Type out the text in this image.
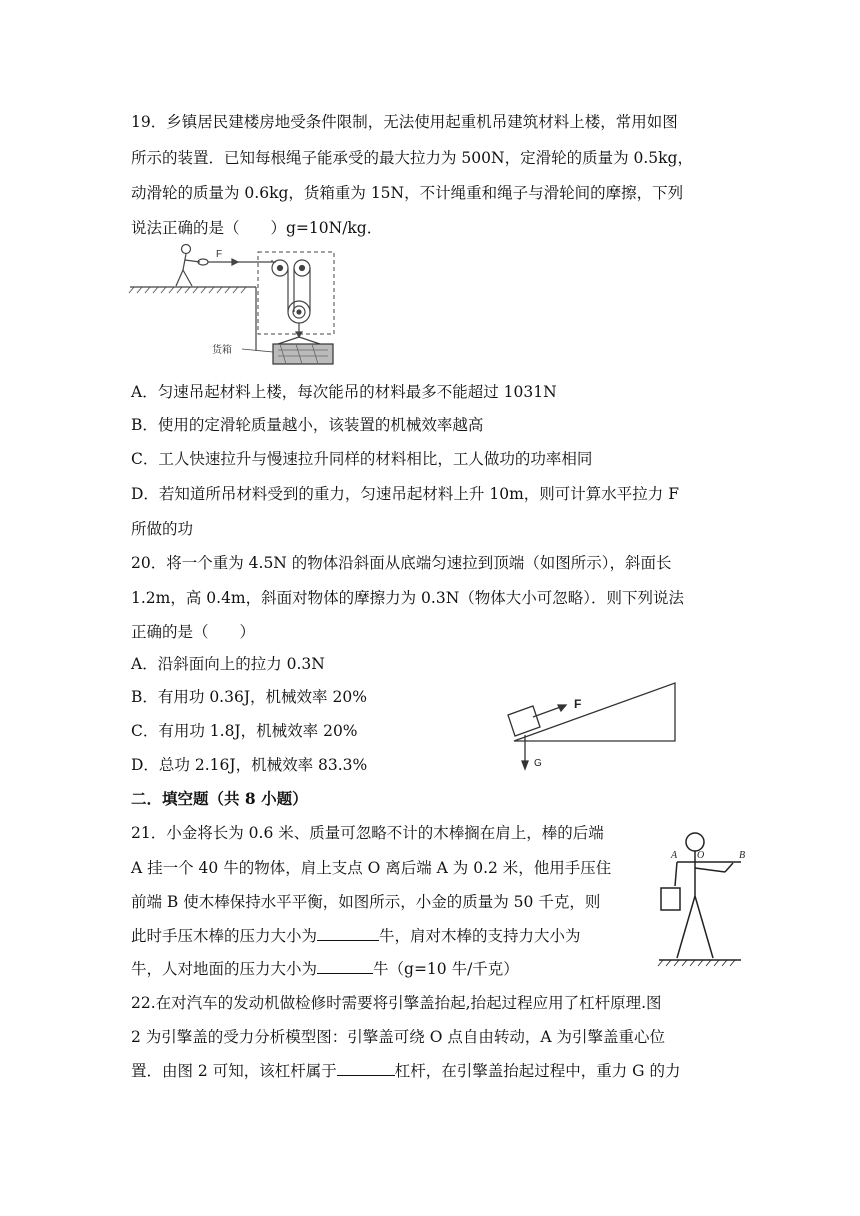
19．乡镇居民建楼房地受条件限制，无法使用起重机吊建筑材料上楼，常用如图
所示的装置．已知每根绳子能承受的最大拉力为 500N，定滑轮的质量为 0.5kg，
动滑轮的质量为 0.6kg，货箱重为 15N，不计绳重和绳子与滑轮间的摩擦，下列
说法正确的是（　　）g=10N/kg．
F
货箱
A．匀速吊起材料上楼，每次能吊的材料最多不能超过 1031N
B．使用的定滑轮质量越小，该装置的机械效率越高
C．工人快速拉升与慢速拉升同样的材料相比，工人做功的功率相同
D．若知道所吊材料受到的重力，匀速吊起材料上升 10m，则可计算水平拉力 F
所做的功
20．将一个重为 4.5N 的物体沿斜面从底端匀速拉到顶端（如图所示），斜面长
1.2m，高 0.4m，斜面对物体的摩擦力为 0.3N（物体大小可忽略）．则下列说法
正确的是（　　）
A．沿斜面向上的拉力 0.3N
B．有用功 0.36J，机械效率 20%
C．有用功 1.8J，机械效率 20%
D．总功 2.16J，机械效率 83.3%
F
G
二．填空题（共 8 小题）
21．小金将长为 0.6 米、质量可忽略不计的木棒搁在肩上，棒的后端
A 挂一个 40 牛的物体，肩上支点 O 离后端 A 为 0.2 米，他用手压住
前端 B 使木棒保持水平平衡，如图所示，小金的质量为 50 千克，则
此时手压木棒的压力大小为	牛，肩对木棒的支持力大小为
牛，人对地面的压力大小为	牛（g=10 牛/千克）
A O	B
22.在对汽车的发动机做检修时需要将引擎盖抬起,抬起过程应用了杠杆原理.图
2 为引擎盖的受力分析模型图：引擎盖可绕 O 点自由转动，A 为引擎盖重心位
置．由图 2 可知，该杠杆属于	杠杆，在引擎盖抬起过程中，重力 G 的力
